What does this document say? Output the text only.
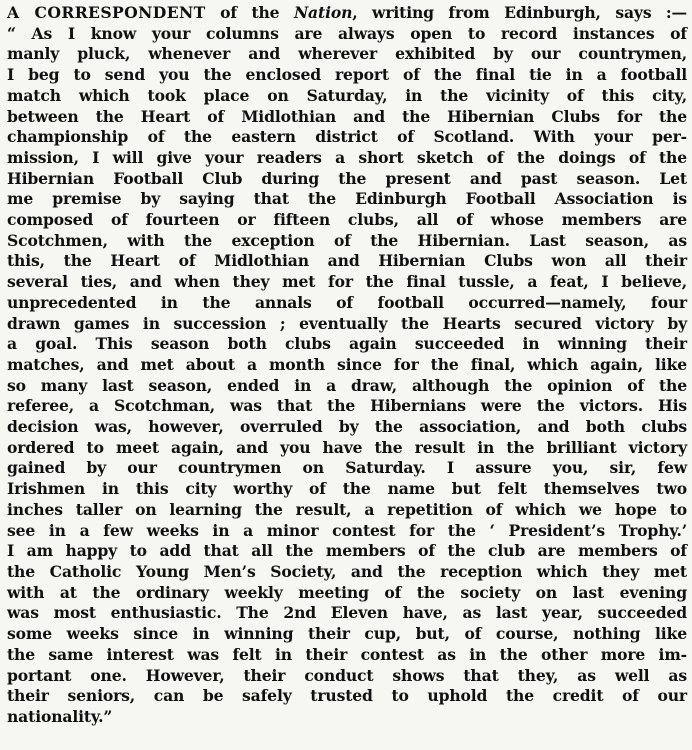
A CORRESPONDENT of the Nation, writing from Edinburgh, says :—
“ As I know your columns are always open to record instances of
manly pluck, whenever and wherever exhibited by our countrymen,
I beg to send you the enclosed report of the final tie in a football
match which took place on Saturday, in the vicinity of this city,
between the Heart of Midlothian and the Hibernian Clubs for the
championship of the eastern district of Scotland. With your per-
mission, I will give your readers a short sketch of the doings of the
Hibernian Football Club during the present and past season. Let
me premise by saying that the Edinburgh Football Association is
composed of fourteen or fifteen clubs, all of whose members are
Scotchmen, with the exception of the Hibernian. Last season, as
this, the Heart of Midlothian and Hibernian Clubs won all their
several ties, and when they met for the final tussle, a feat, I believe,
unprecedented in the annals of football occurred—namely, four
drawn games in succession ; eventually the Hearts secured victory by
a goal. This season both clubs again succeeded in winning their
matches, and met about a month since for the final, which again, like
so many last season, ended in a draw, although the opinion of the
referee, a Scotchman, was that the Hibernians were the victors. His
decision was, however, overruled by the association, and both clubs
ordered to meet again, and you have the result in the brilliant victory
gained by our countrymen on Saturday. I assure you, sir, few
Irishmen in this city worthy of the name but felt themselves two
inches taller on learning the result, a repetition of which we hope to
see in a few weeks in a minor contest for the ‘ President’s Trophy.’
I am happy to add that all the members of the club are members of
the Catholic Young Men’s Society, and the reception which they met
with at the ordinary weekly meeting of the society on last evening
was most enthusiastic. The 2nd Eleven have, as last year, succeeded
some weeks since in winning their cup, but, of course, nothing like
the same interest was felt in their contest as in the other more im-
portant one. However, their conduct shows that they, as well as
their seniors, can be safely trusted to uphold the credit of our
nationality.”
